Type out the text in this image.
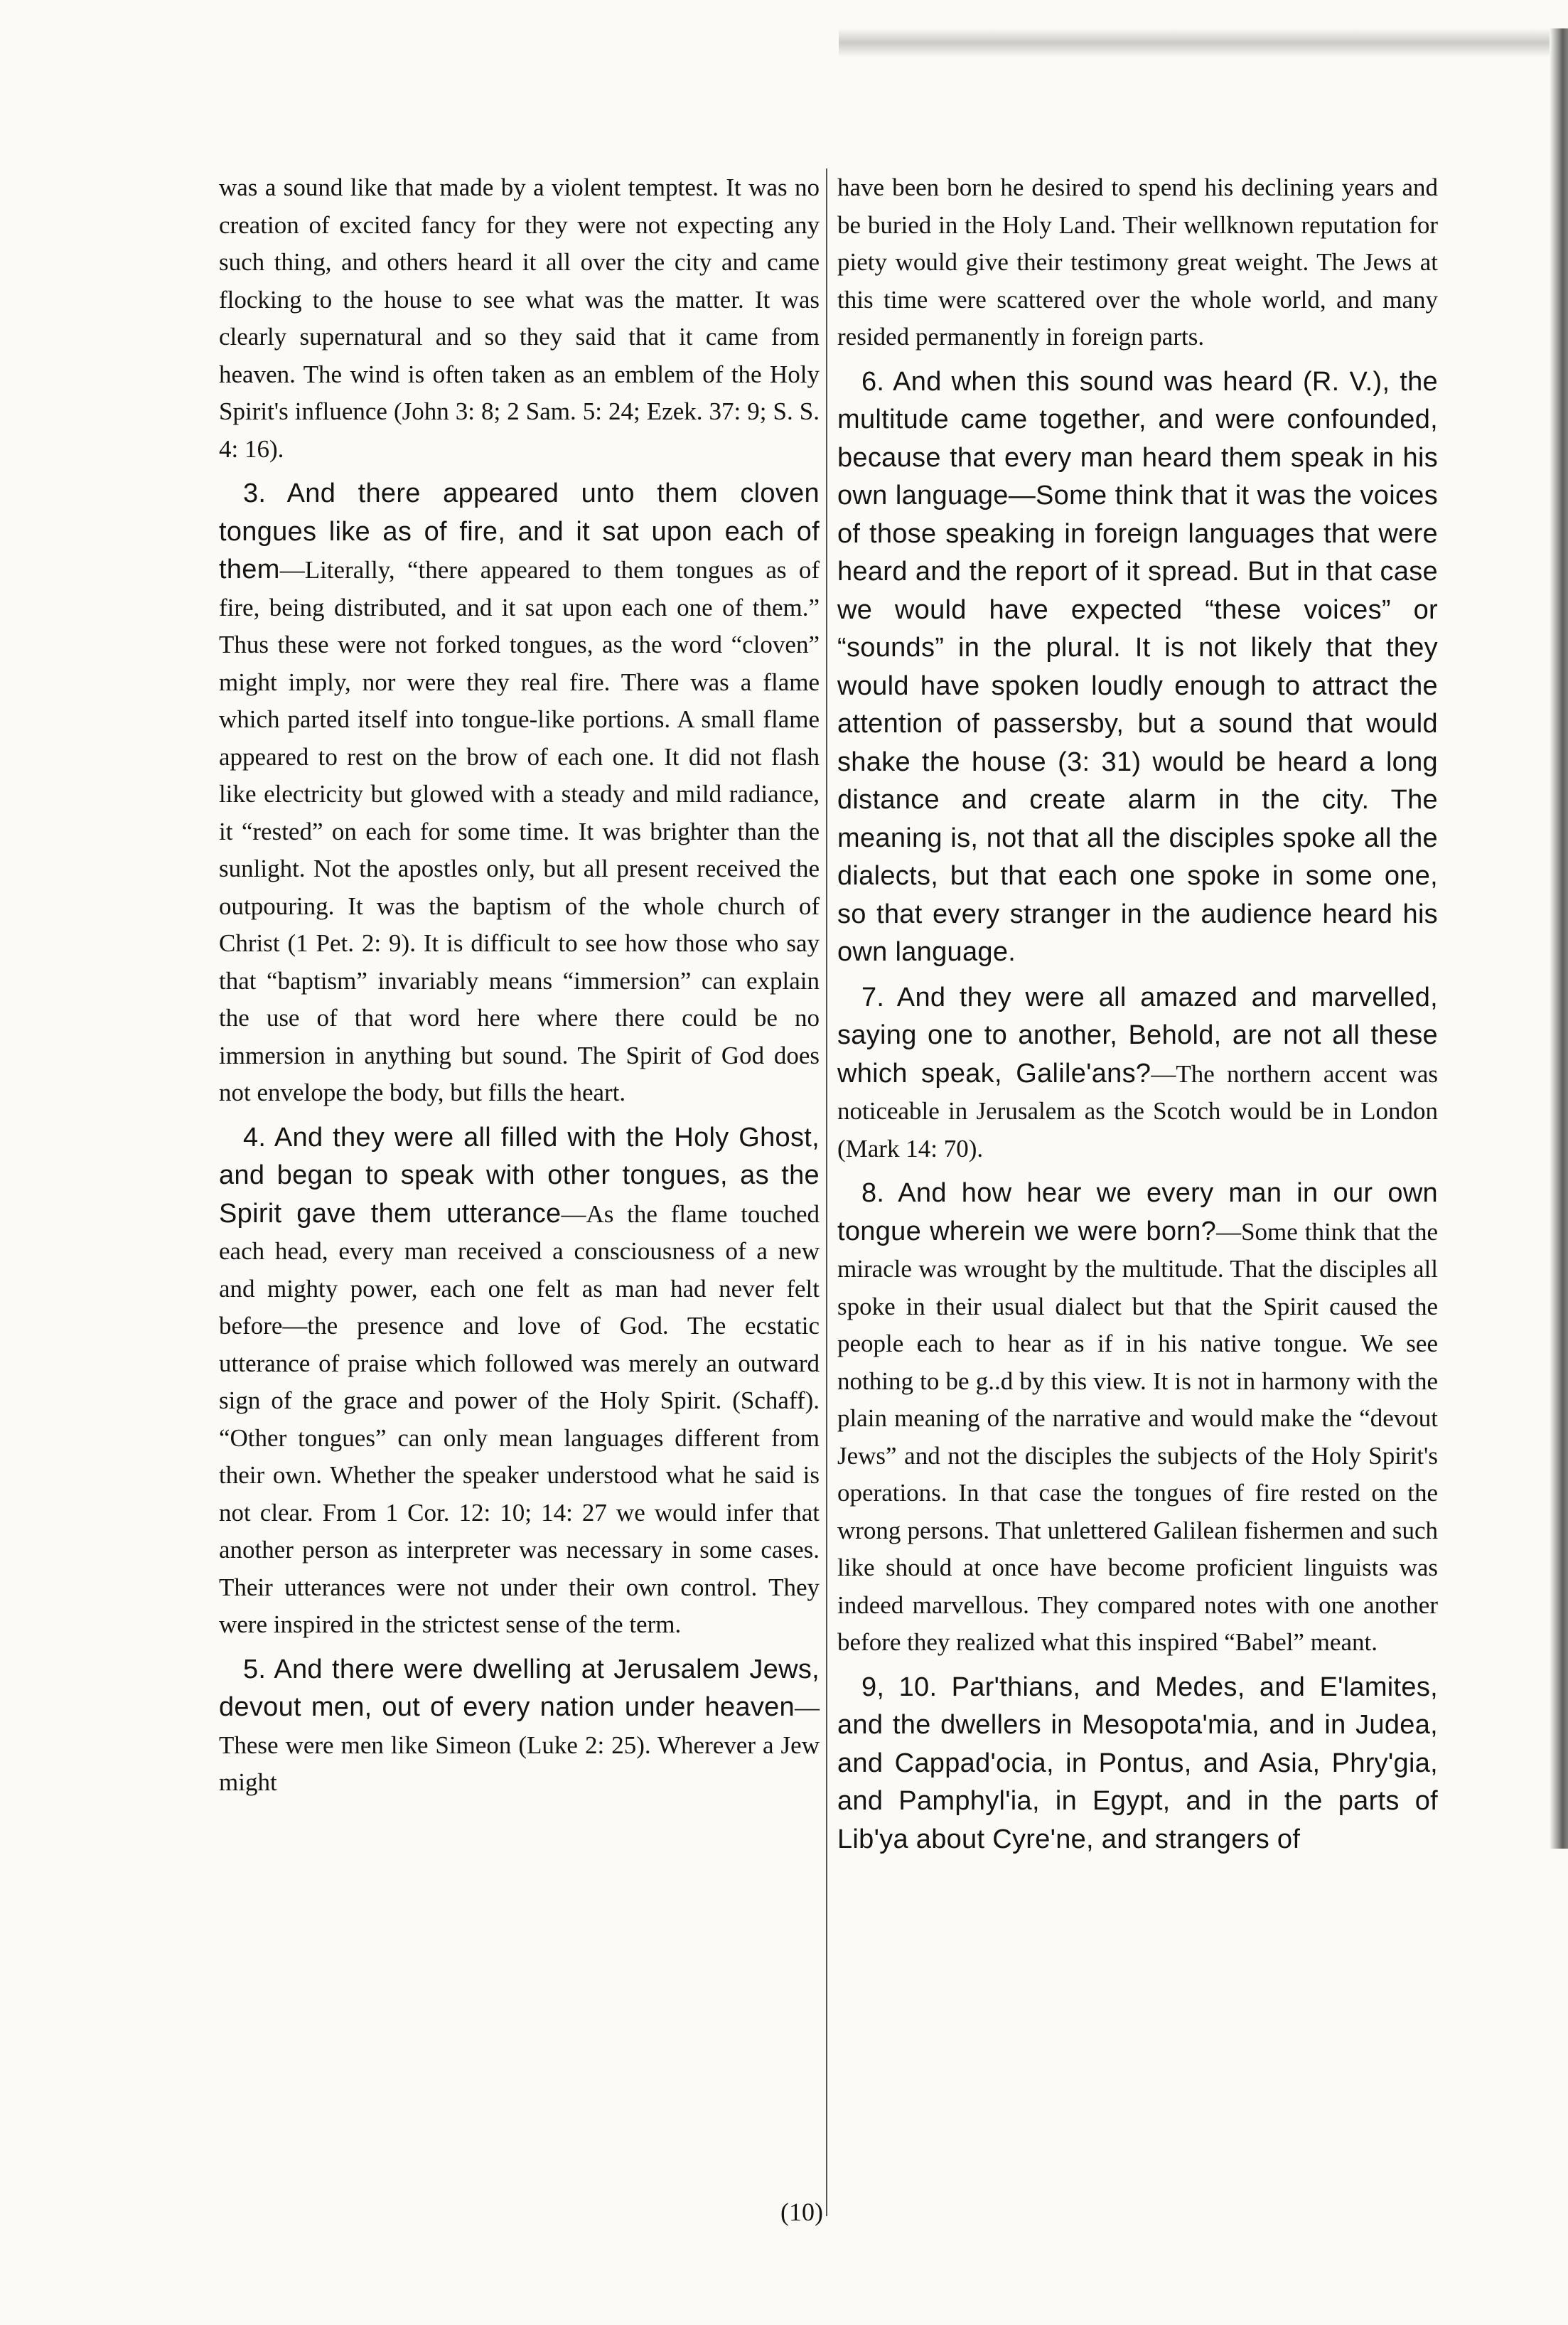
was a sound like that made by a violent temptest. It was no creation of excited fancy for they were not expecting any such thing, and others heard it all over the city and came flocking to the house to see what was the matter. It was clearly supernatural and so they said that it came from heaven. The wind is often taken as an emblem of the Holy Spirit's influence (John 3: 8; 2 Sam. 5: 24; Ezek. 37: 9; S. S. 4: 16).

3. And there appeared unto them cloven tongues like as of fire, and it sat upon each of them—Literally, “there appeared to them tongues as of fire, being distributed, and it sat upon each one of them.” Thus these were not forked tongues, as the word “cloven” might imply, nor were they real fire. There was a flame which parted itself into tongue-like portions. A small flame appeared to rest on the brow of each one. It did not flash like electricity but glowed with a steady and mild radiance, it “rested” on each for some time. It was brighter than the sunlight. Not the apostles only, but all present received the outpouring. It was the baptism of the whole church of Christ (1 Pet. 2: 9). It is difficult to see how those who say that “baptism” invariably means “immersion” can explain the use of that word here where there could be no immersion in anything but sound. The Spirit of God does not envelope the body, but fills the heart.

4. And they were all filled with the Holy Ghost, and began to speak with other tongues, as the Spirit gave them utterance—As the flame touched each head, every man received a consciousness of a new and mighty power, each one felt as man had never felt before—the presence and love of God. The ecstatic utterance of praise which followed was merely an outward sign of the grace and power of the Holy Spirit. (Schaff). “Other tongues” can only mean languages different from their own. Whether the speaker understood what he said is not clear. From 1 Cor. 12: 10; 14: 27 we would infer that another person as interpreter was necessary in some cases. Their utterances were not under their own control. They were inspired in the strictest sense of the term.

5. And there were dwelling at Jerusalem Jews, devout men, out of every nation under heaven—These were men like Simeon (Luke 2: 25). Wherever a Jew might

have been born he desired to spend his declining years and be buried in the Holy Land. Their wellknown reputation for piety would give their testimony great weight. The Jews at this time were scattered over the whole world, and many resided permanently in foreign parts.

6. And when this sound was heard (R. V.), the multitude came together, and were confounded, because that every man heard them speak in his own language—Some think that it was the voices of those speaking in foreign languages that were heard and the report of it spread. But in that case we would have expected “these voices” or “sounds” in the plural. It is not likely that they would have spoken loudly enough to attract the attention of passersby, but a sound that would shake the house (3: 31) would be heard a long distance and create alarm in the city. The meaning is, not that all the disciples spoke all the dialects, but that each one spoke in some one, so that every stranger in the audience heard his own language.

7. And they were all amazed and marvelled, saying one to another, Behold, are not all these which speak, Galile'ans?—The northern accent was noticeable in Jerusalem as the Scotch would be in London (Mark 14: 70).

8. And how hear we every man in our own tongue wherein we were born?—Some think that the miracle was wrought by the multitude. That the disciples all spoke in their usual dialect but that the Spirit caused the people each to hear as if in his native tongue. We see nothing to be g..d by this view. It is not in harmony with the plain meaning of the narrative and would make the “devout Jews” and not the disciples the subjects of the Holy Spirit's operations. In that case the tongues of fire rested on the wrong persons. That unlettered Galilean fishermen and such like should at once have become proficient linguists was indeed marvellous. They compared notes with one another before they realized what this inspired “Babel” meant.

9, 10. Par'thians, and Medes, and E'lamites, and the dwellers in Mesopota'mia, and in Judea, and Cappad'ocia, in Pontus, and Asia, Phry'gia, and Pamphyl'ia, in Egypt, and in the parts of Lib'ya about Cyre'ne, and strangers of

(10)
